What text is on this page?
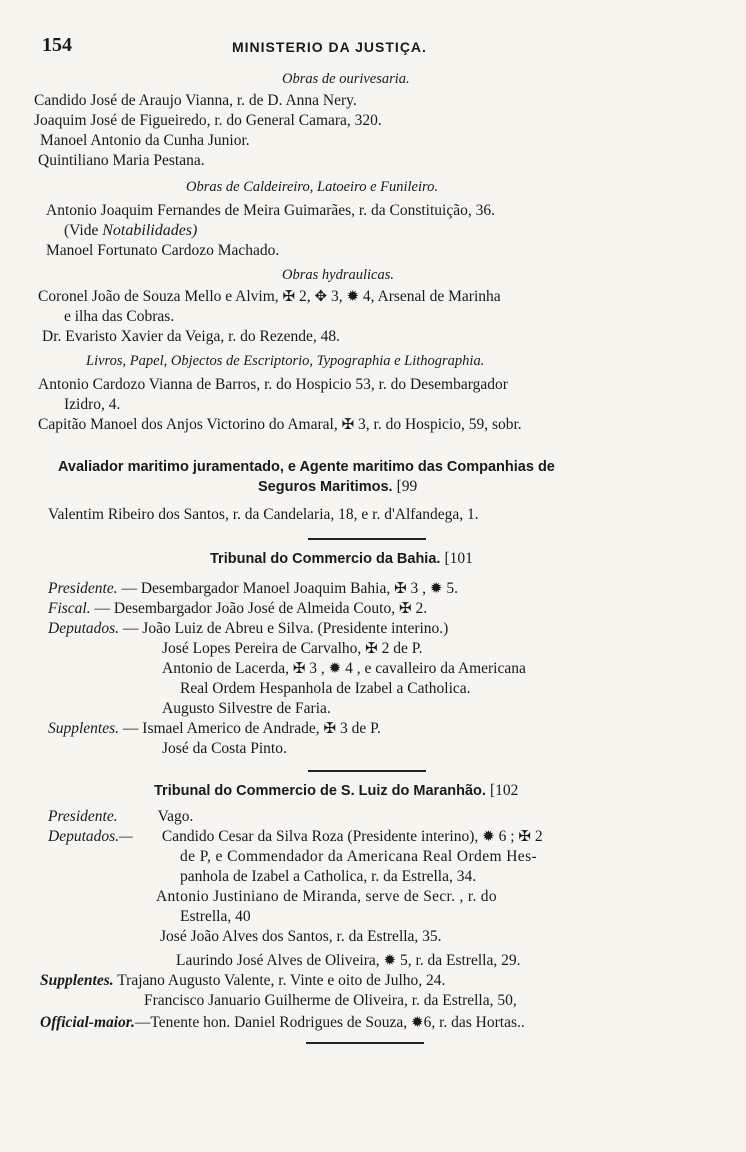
154	MINISTERIO DA JUSTIÇA.
Obras de ourivesaria.
Candido José de Araujo Vianna, r. de D. Anna Nery.
Joaquim José de Figueiredo, r. do General Camara, 320.
Manoel Antonio da Cunha Junior.
Quintiliano Maria Pestana.
Obras de Caldeireiro, Latoeiro e Funileiro.
Antonio Joaquim Fernandes de Meira Guimarães, r. da Constituição, 36.
(Vide Notabilidades)
Manoel Fortunato Cardozo Machado.
Obras hydraulicas.
Coronel João de Souza Mello e Alvim, ✠ 2, ✥ 3, ✹ 4, Arsenal de Marinha
e ilha das Cobras.
Dr. Evaristo Xavier da Veiga, r. do Rezende, 48.
Livros, Papel, Objectos de Escriptorio, Typographia e Lithographia.
Antonio Cardozo Vianna de Barros, r. do Hospicio 53, r. do Desembargador
Izidro, 4.
Capitão Manoel dos Anjos Victorino do Amaral, ✠ 3, r. do Hospicio, 59, sobr.
Avaliador maritimo juramentado, e Agente maritimo das Companhias de
Seguros Maritimos. [99
Valentim Ribeiro dos Santos, r. da Candelaria, 18, e r. d'Alfandega, 1.
Tribunal do Commercio da Bahia. [101
Presidente. — Desembargador Manoel Joaquim Bahia, ✠ 3 , ✹ 5.
Fiscal. — Desembargador João José de Almeida Couto, ✠ 2.
Deputados. — João Luiz de Abreu e Silva. (Presidente interino.)
José Lopes Pereira de Carvalho, ✠ 2 de P.
Antonio de Lacerda, ✠ 3 , ✹ 4 , e cavalleiro da Americana
Real Ordem Hespanhola de Izabel a Catholica.
Augusto Silvestre de Faria.
Supplentes. — Ismael Americo de Andrade, ✠ 3 de P.
José da Costa Pinto.
Tribunal do Commercio de S. Luiz do Maranhão. [102
Presidente.	Vago.
Deputados.— Candido Cesar da Silva Roza (Presidente interino), ✹ 6 ; ✠ 2
de P, e Commendador da Americana Real Ordem Hes-
panhola de Izabel a Catholica, r. da Estrella, 34.
Antonio Justiniano de Miranda, serve de Secr. , r. do
Estrella, 40
José João Alves dos Santos, r. da Estrella, 35.
Laurindo José Alves de Oliveira, ✹ 5, r. da Estrella, 29.
Supplentes. Trajano Augusto Valente, r. Vinte e oito de Julho, 24.
Francisco Januario Guilherme de Oliveira, r. da Estrella, 50,
Official-maior.—Tenente hon. Daniel Rodrigues de Souza, ✹6, r. das Hortas..
